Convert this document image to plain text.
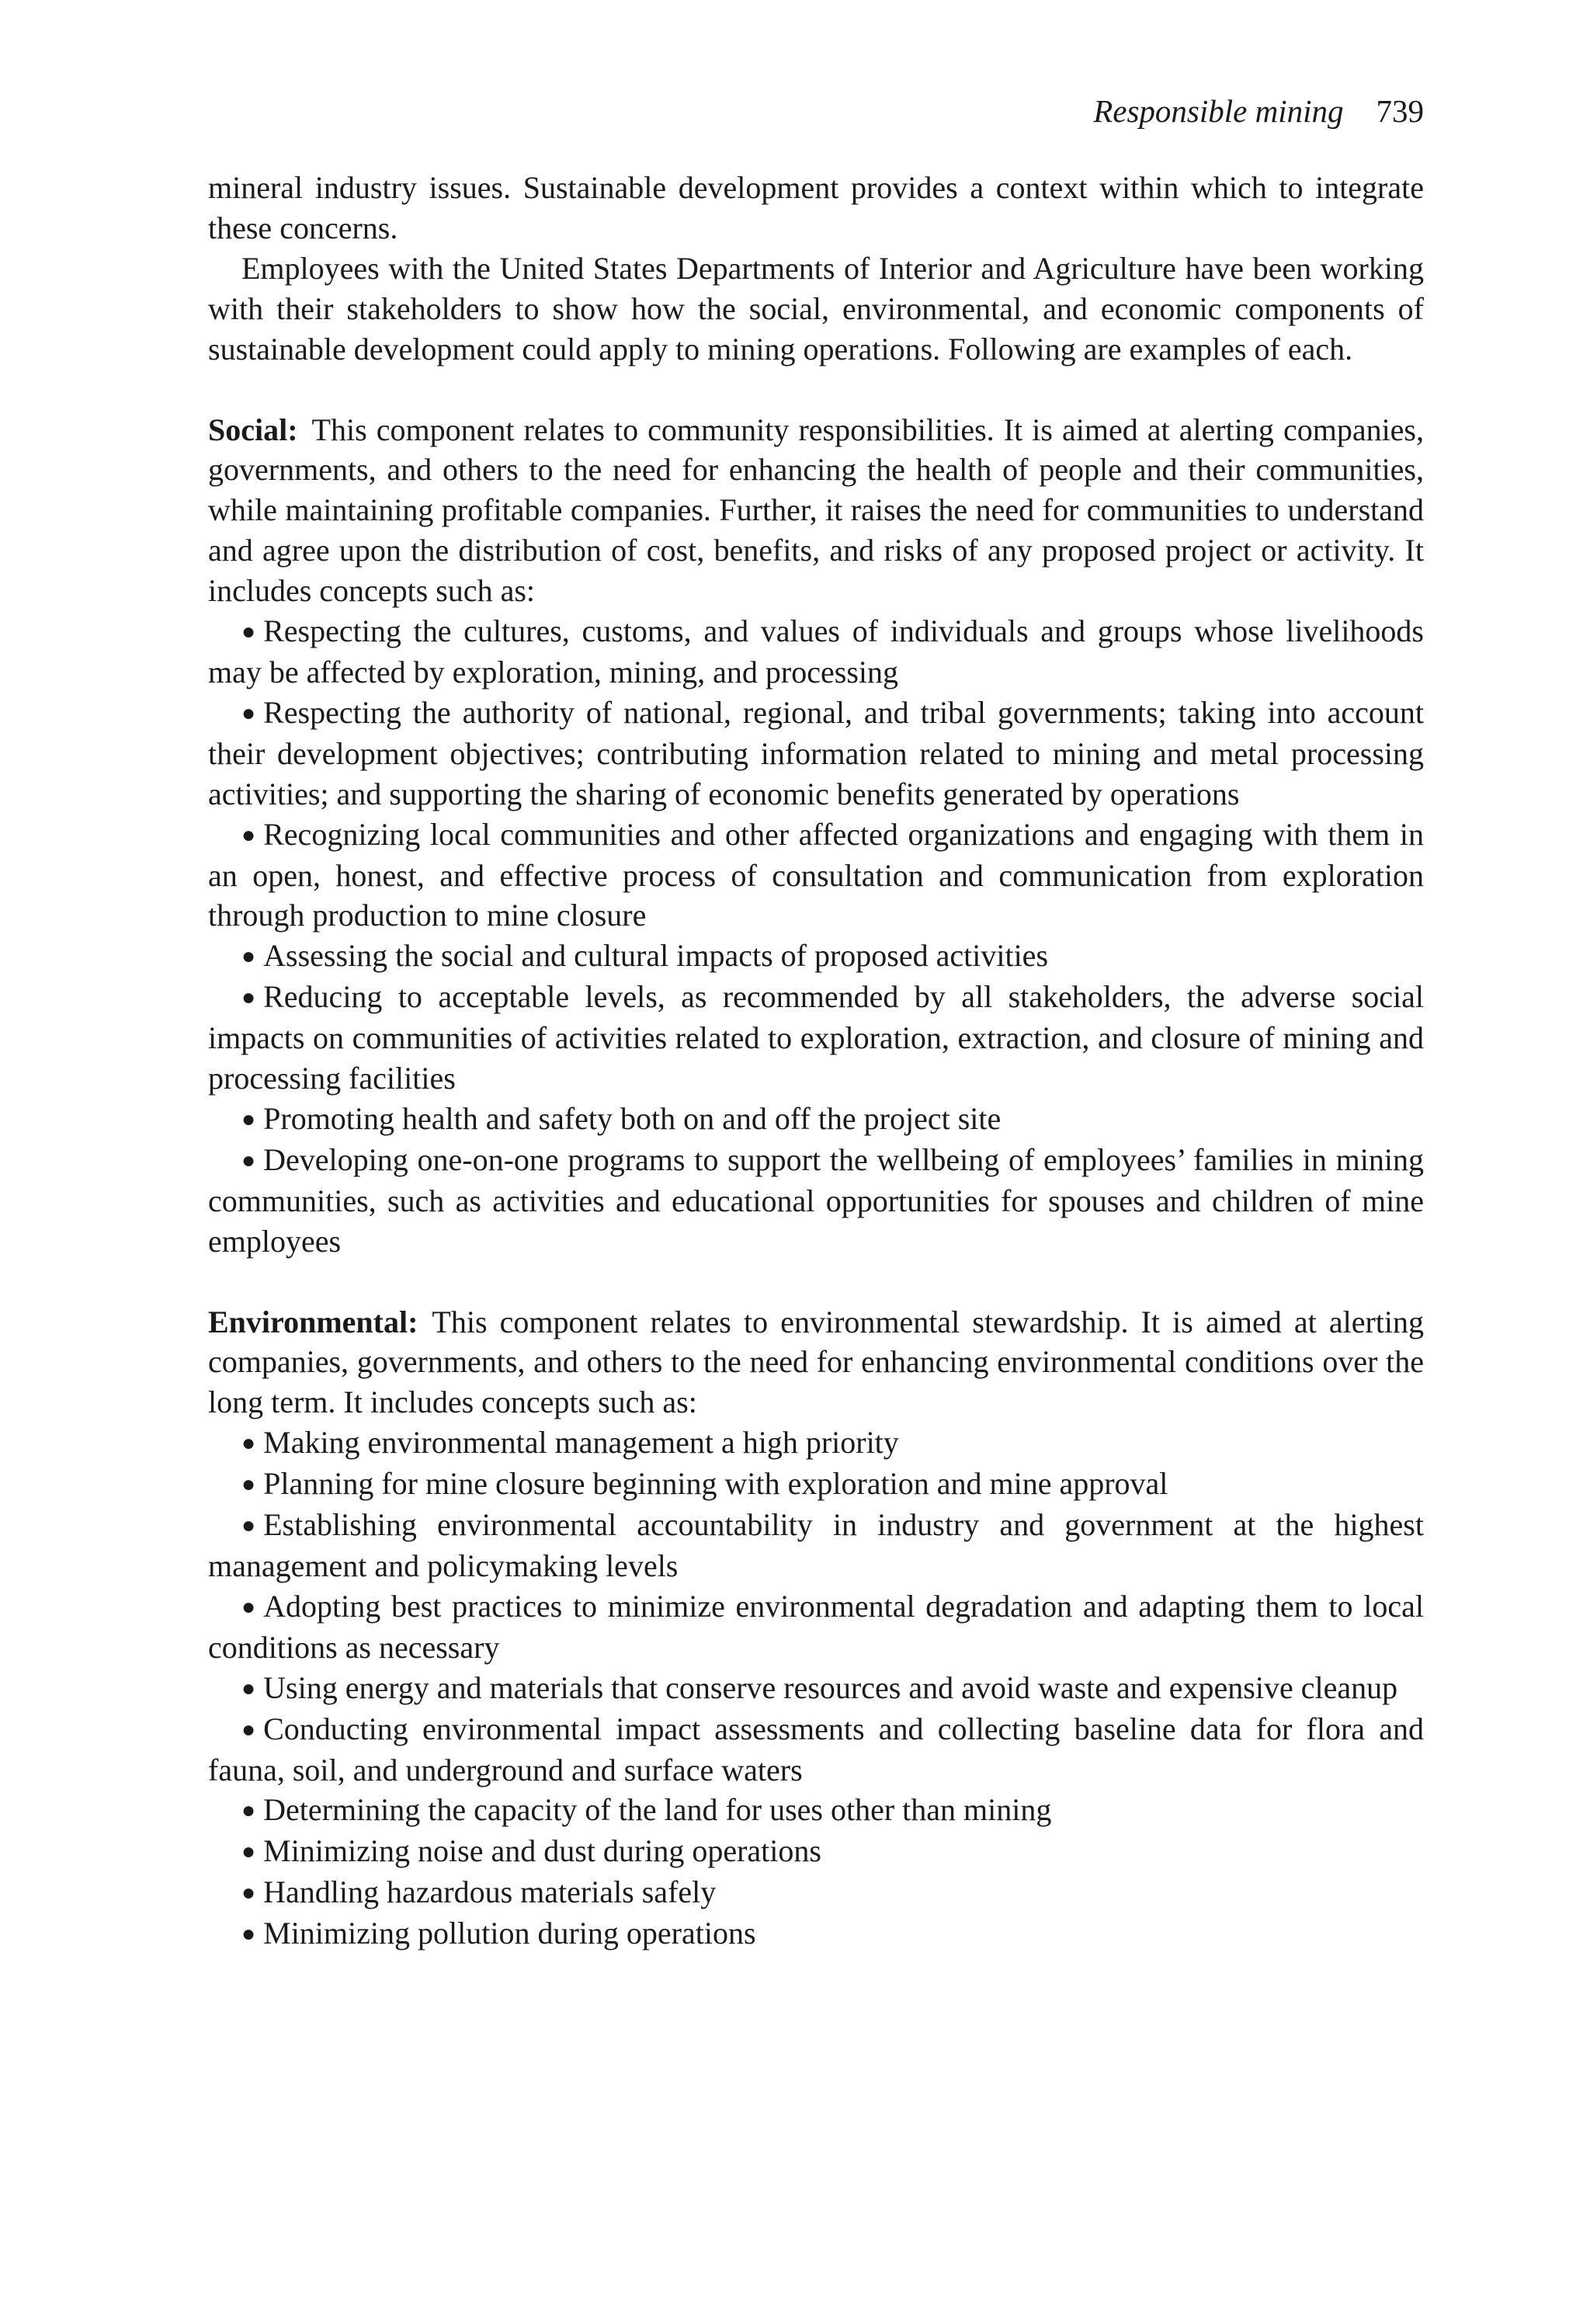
Responsible mining 739

mineral industry issues. Sustainable development provides a context within which to integrate these concerns.

Employees with the United States Departments of Interior and Agriculture have been working with their stakeholders to show how the social, environmental, and economic components of sustainable development could apply to mining operations. Following are examples of each.

Social: This component relates to community responsibilities. It is aimed at alerting companies, governments, and others to the need for enhancing the health of people and their communities, while maintaining profitable companies. Further, it raises the need for communities to understand and agree upon the distribution of cost, benefits, and risks of any proposed project or activity. It includes concepts such as:

● Respecting the cultures, customs, and values of individuals and groups whose livelihoods may be affected by exploration, mining, and processing
● Respecting the authority of national, regional, and tribal governments; taking into account their development objectives; contributing information related to mining and metal processing activities; and supporting the sharing of economic benefits generated by operations
● Recognizing local communities and other affected organizations and engaging with them in an open, honest, and effective process of consultation and communication from exploration through production to mine closure
● Assessing the social and cultural impacts of proposed activities
● Reducing to acceptable levels, as recommended by all stakeholders, the adverse social impacts on communities of activities related to exploration, extraction, and closure of mining and processing facilities
● Promoting health and safety both on and off the project site
● Developing one-on-one programs to support the wellbeing of employees’ families in mining communities, such as activities and educational opportunities for spouses and children of mine employees

Environmental: This component relates to environmental stewardship. It is aimed at alerting companies, governments, and others to the need for enhancing environmental conditions over the long term. It includes concepts such as:

● Making environmental management a high priority
● Planning for mine closure beginning with exploration and mine approval
● Establishing environmental accountability in industry and government at the highest management and policymaking levels
● Adopting best practices to minimize environmental degradation and adapting them to local conditions as necessary
● Using energy and materials that conserve resources and avoid waste and expensive cleanup
● Conducting environmental impact assessments and collecting baseline data for flora and fauna, soil, and underground and surface waters
● Determining the capacity of the land for uses other than mining
● Minimizing noise and dust during operations
● Handling hazardous materials safely
● Minimizing pollution during operations
